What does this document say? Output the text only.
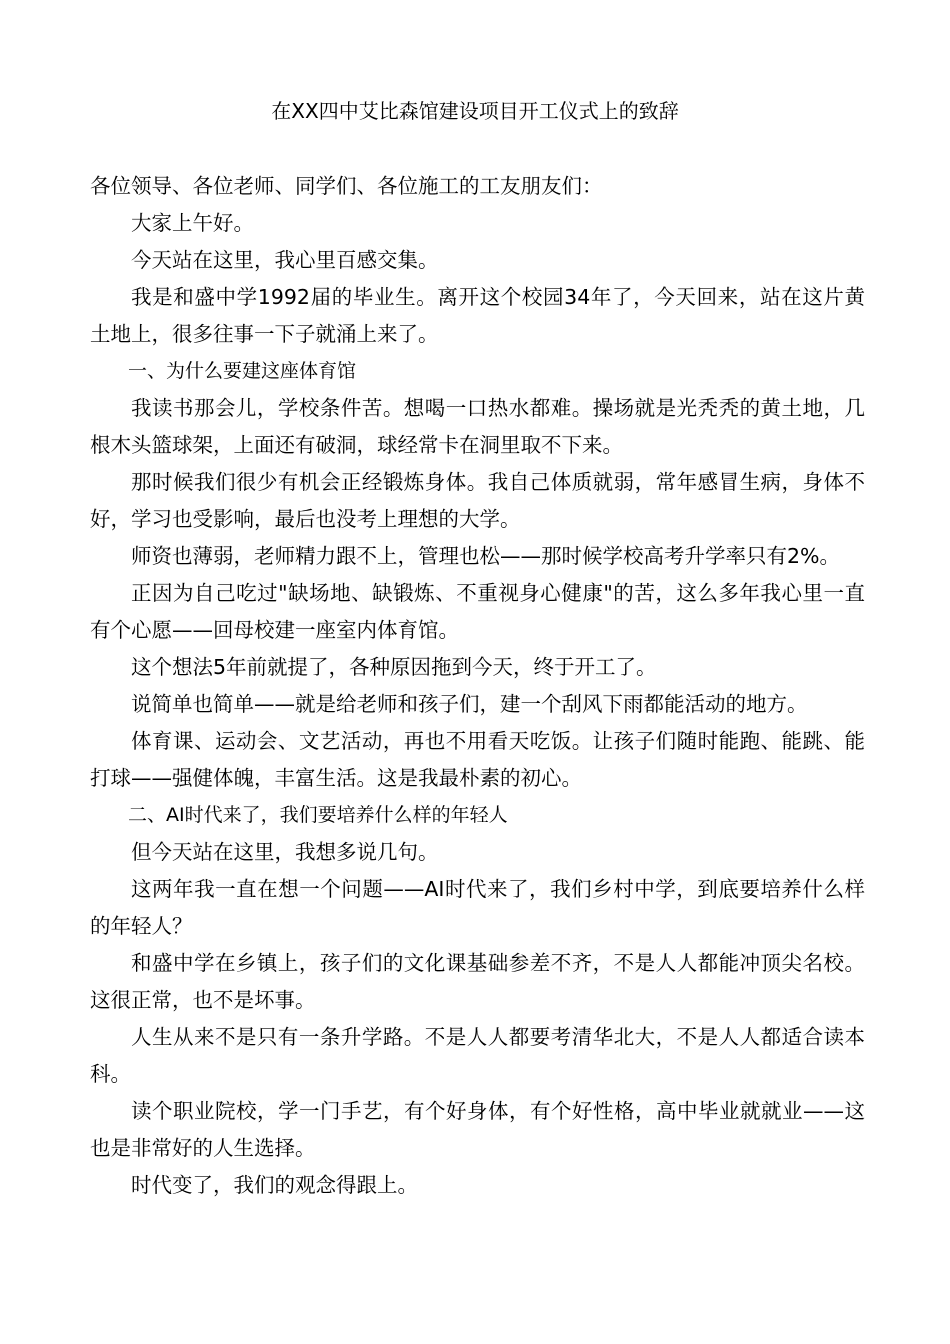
在XX四中艾比森馆建设项目开工仪式上的致辞

各位领导、各位老师、同学们、各位施工的工友朋友们：

大家上午好。

今天站在这里，我心里百感交集。

我是和盛中学1992届的毕业生。离开这个校园34年了，今天回来，站在这片黄土地上，很多往事一下子就涌上来了。

一、为什么要建这座体育馆

我读书那会儿，学校条件苦。想喝一口热水都难。操场就是光秃秃的黄土地，几根木头篮球架，上面还有破洞，球经常卡在洞里取不下来。

那时候我们很少有机会正经锻炼身体。我自己体质就弱，常年感冒生病，身体不好，学习也受影响，最后也没考上理想的大学。

师资也薄弱，老师精力跟不上，管理也松——那时候学校高考升学率只有2%。

正因为自己吃过"缺场地、缺锻炼、不重视身心健康"的苦，这么多年我心里一直有个心愿——回母校建一座室内体育馆。

这个想法5年前就提了，各种原因拖到今天，终于开工了。

说简单也简单——就是给老师和孩子们，建一个刮风下雨都能活动的地方。

体育课、运动会、文艺活动，再也不用看天吃饭。让孩子们随时能跑、能跳、能打球——强健体魄，丰富生活。这是我最朴素的初心。

二、AI时代来了，我们要培养什么样的年轻人

但今天站在这里，我想多说几句。

这两年我一直在想一个问题——AI时代来了，我们乡村中学，到底要培养什么样的年轻人？

和盛中学在乡镇上，孩子们的文化课基础参差不齐，不是人人都能冲顶尖名校。这很正常，也不是坏事。

人生从来不是只有一条升学路。不是人人都要考清华北大，不是人人都适合读本科。

读个职业院校，学一门手艺，有个好身体，有个好性格，高中毕业就就业——这也是非常好的人生选择。

时代变了，我们的观念得跟上。
